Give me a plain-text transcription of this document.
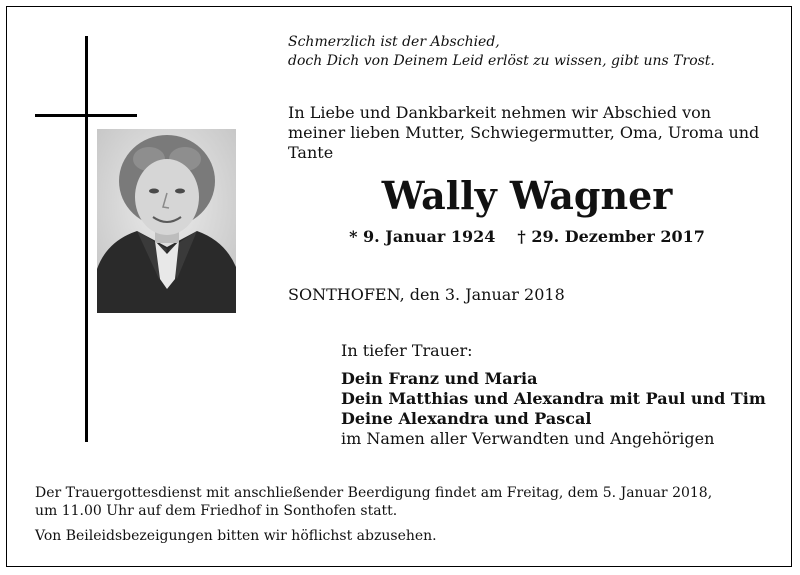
Schmerzlich ist der Abschied,
doch Dich von Deinem Leid erlöst zu wissen, gibt uns Trost.
In Liebe und Dankbarkeit nehmen wir Abschied von meiner lieben Mutter, Schwiegermutter, Oma, Uroma und Tante
Wally Wagner
* 9. Januar 1924 † 29. Dezember 2017
SONTHOFEN, den 3. Januar 2018
In tiefer Trauer:
Dein Franz und Maria
Dein Matthias und Alexandra mit Paul und Tim
Deine Alexandra und Pascal
im Namen aller Verwandten und Angehörigen
Der Trauergottesdienst mit anschließender Beerdigung findet am Freitag, dem 5. Januar 2018,
um 11.00 Uhr auf dem Friedhof in Sonthofen statt.
Von Beileidsbezeigungen bitten wir höflichst abzusehen.
